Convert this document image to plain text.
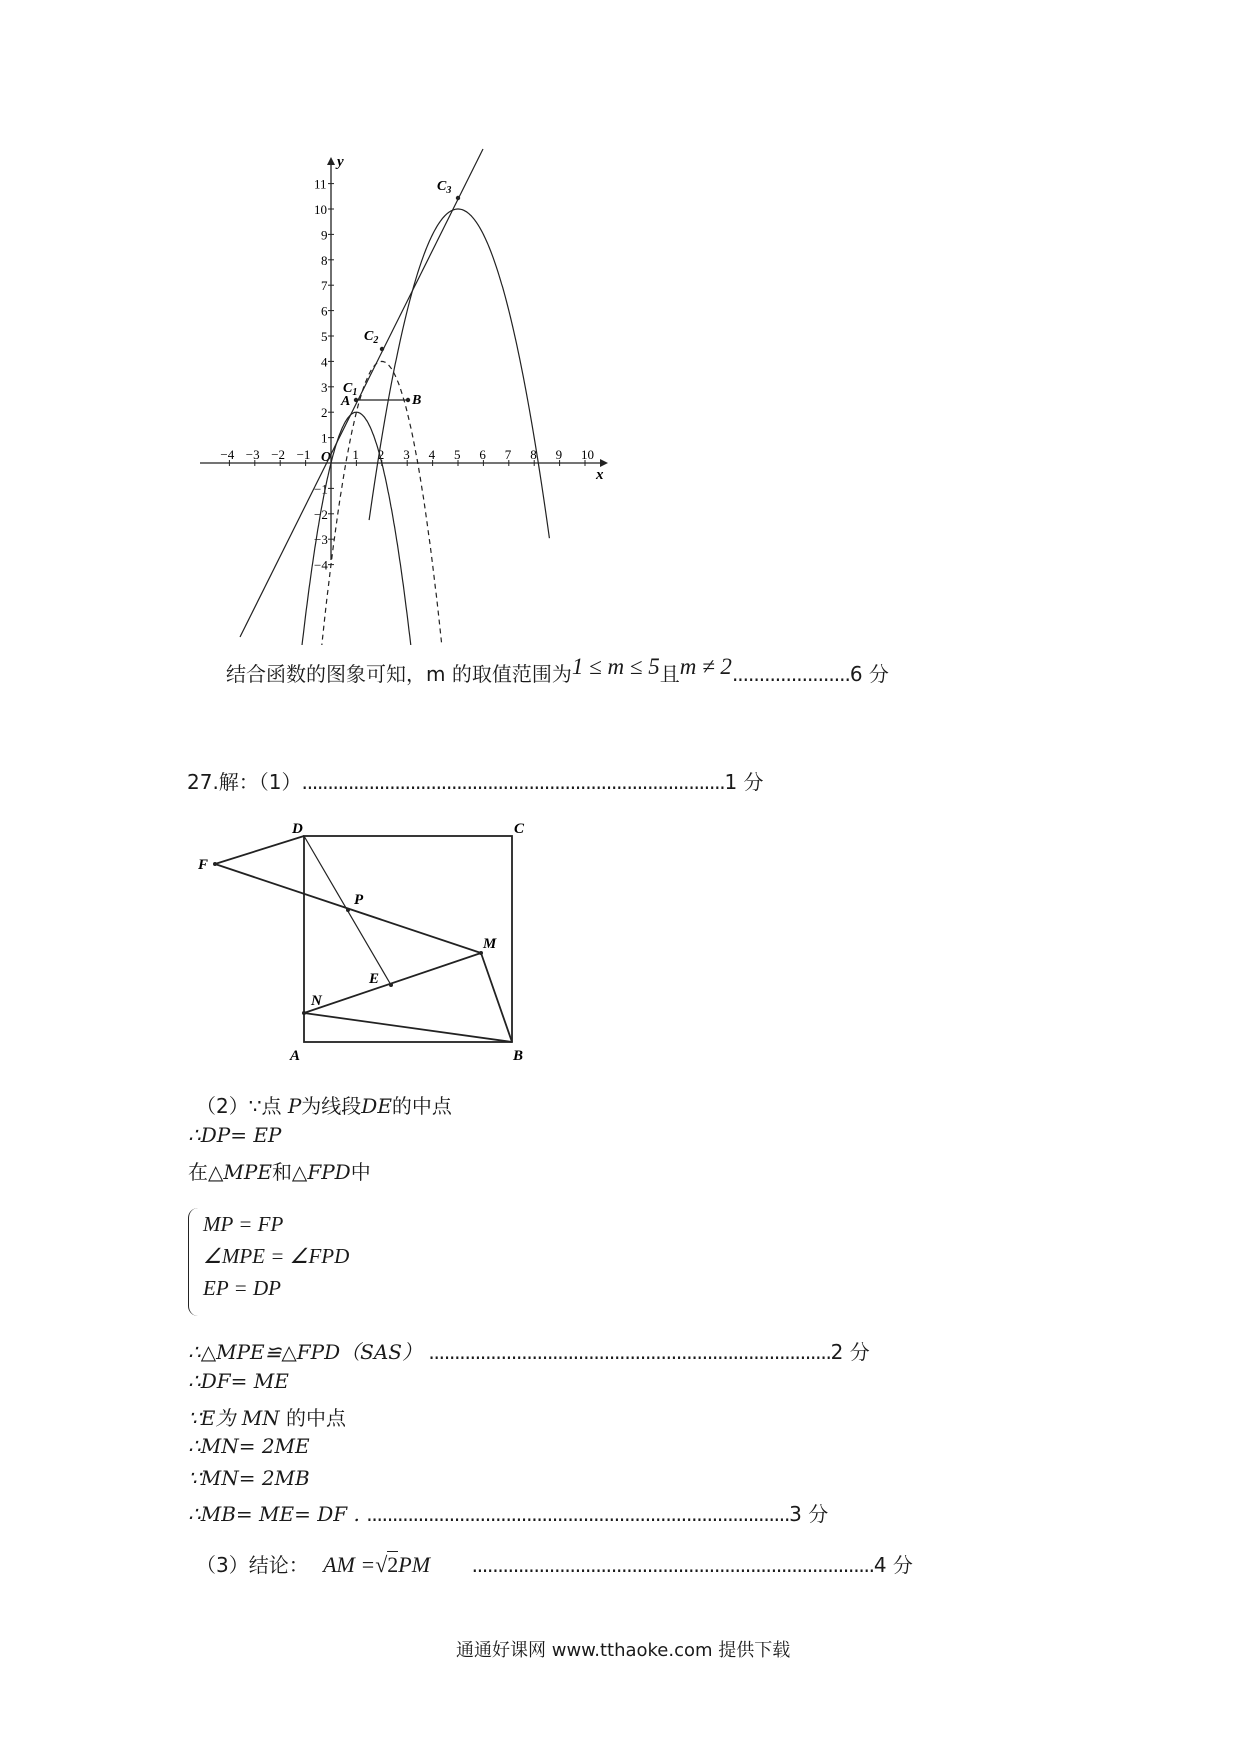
−4 −3 −2 −1	1 2 3 4 5 6 7 8 9 10
1
2
3
4
5
6
7
8
9
10
11
−1
−2
−3
−4
x
y
O
$C_1$
A	B
$C_2$
$C_3$
结合函数的图象可知，m 的取值范围为1 ≤ m ≤ 5且m ≠ 2......................6 分
27.解：（1）..................................................................................1 分
D	C
F
P
M
E
N
A	B
（2）∵点 P为线段DE的中点
∴DP= EP
在△MPE和△FPD中
MP = FP
∠MPE = ∠FPD
EP = DP
∴△MPE≌△FPD（SAS） ..............................................................................2 分
∴DF= ME
∵E为 MN 的中点
∴MN= 2ME
∵MN= 2MB
∴MB= ME= DF . ..................................................................................3 分
（3）结论： AM =√2PM ..............................................................................4 分
通通好课网 www.tthaoke.com 提供下载
